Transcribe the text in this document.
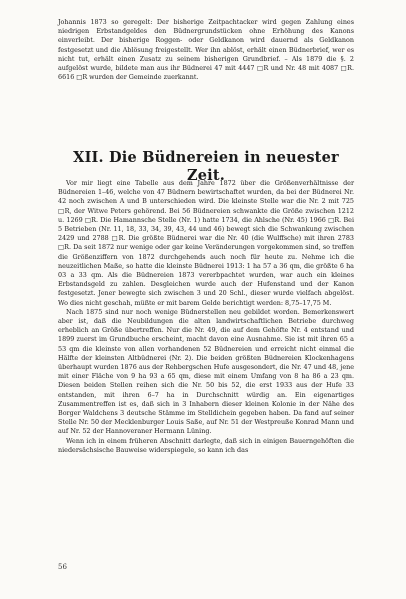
Johannis 1873 so geregelt: Der bisherige Zeitpachtacker wird gegen Zahlung eines niedrigen Erbstandgeldes den Büdnergrundstücken ohne Erhöhung des Kanons einverleibt. Der bisherige Roggen- oder Geldkanon wird dauernd als Geldkanon festgesetzt und die Ablösung freigestellt. Wer ihn ablöst, erhält einen Büdnerbrief, wer es nicht tut, erhält einen Zusatz zu seinem bisherigen Grundbrief. – Als 1879 die §. 2 aufgelöst wurde, bildete man aus ihr Büdnerei 47 mit 4447 □R und Nr. 48 mit 4087 □R. 6616 □R wurden der Gemeinde zuerkannt.

XII. Die Büdnereien in neuester Zeit.

Vor mir liegt eine Tabelle aus dem Jahre 1872 über die Größenverhältnisse der Büdnereien 1–46, welche von 47 Büdnern bewirtschaftet wurden, da bei der Büdnerei Nr. 42 noch zwischen A und B unterschieden wird. Die kleinste Stelle war die Nr. 2 mit 725 □R, der Witwe Peters gehörend. Bei 56 Büdnereien schwankte die Größe zwischen 1212 u. 1269 □R. Die Hamannsche Stelle (Nr. 1) hatte 1734, die Ahlsche (Nr. 45) 1966 □R. Bei 5 Betrieben (Nr. 11, 18, 33, 34, 39, 43, 44 und 46) bewegt sich die Schwankung zwischen 2429 und 2788 □R. Die größte Büdnerei war die Nr. 40 (die Wulffsche) mit ihren 2783 □R. Da seit 1872 nur wenige oder gar keine Veränderungen vorgekommen sind, so treffen die Größenziffern von 1872 durchgehends auch noch für heute zu. Nehme ich die neuzeitlichen Maße, so hatte die kleinste Büdnerei 1913: 1 ha 57 a 36 qm, die größte 6 ha 03 a 33 qm. Als die Büdnereien 1873 vererbpachtet wurden, war auch ein kleines Erbstandsgeld zu zahlen. Desgleichen wurde auch der Hufenstand und der Kanon festgesetzt. Jener bewegte sich zwischen 3 und 20 Schl., dieser wurde vielfach abgelöst. Wo dies nicht geschah, müßte er mit barem Gelde berichtigt werden: 8,75–17,75 M.

Nach 1875 sind nur noch wenige Büdnerstellen neu gebildet worden. Bemerkenswert aber ist, daß die Neubildungen die alten landwirtschaftlichen Betriebe durchweg erheblich an Größe übertreffen. Nur die Nr. 49, die auf dem Gehöfte Nr. 4 entstand und 1899 zuerst im Grundbuche erscheint, macht davon eine Ausnahme. Sie ist mit ihren 65 a 53 qm die kleinste von allen vorhandenen 52 Büdnereien und erreicht nicht einmal die Hälfte der kleinsten Altbüdnerei (Nr. 2). Die beiden größten Büdnereien Klockenhagens überhaupt wurden 1876 aus der Rehbergschen Hufe ausgesondert, die Nr. 47 und 48, jene mit einer Fläche von 9 ha 93 a 65 qm, diese mit einem Umfang von 8 ha 86 a 23 qm. Diesen beiden Stellen reihen sich die Nr. 50 bis 52, die erst 1933 aus der Hufe 33 entstanden, mit ihren 6–7 ha in Durchschnitt würdig an. Ein eigenartiges Zusammentreffen ist es, daß sich in 3 Inhabern dieser kleinen Kolonie in der Nähe des Borger Waldchens 3 deutsche Stämme im Stelldichein gegeben haben. Da fand auf seiner Stelle Nr. 50 der Mecklenburger Louis Saße, auf Nr. 51 der Westpreuße Konrad Mann und auf Nr. 52 der Hannoveraner Hermann Lüning.

Wenn ich in einem früheren Abschnitt darlegte, daß sich in einigen Bauerngehöften die niedersächsische Bauweise widerspiegele, so kann ich das

56
